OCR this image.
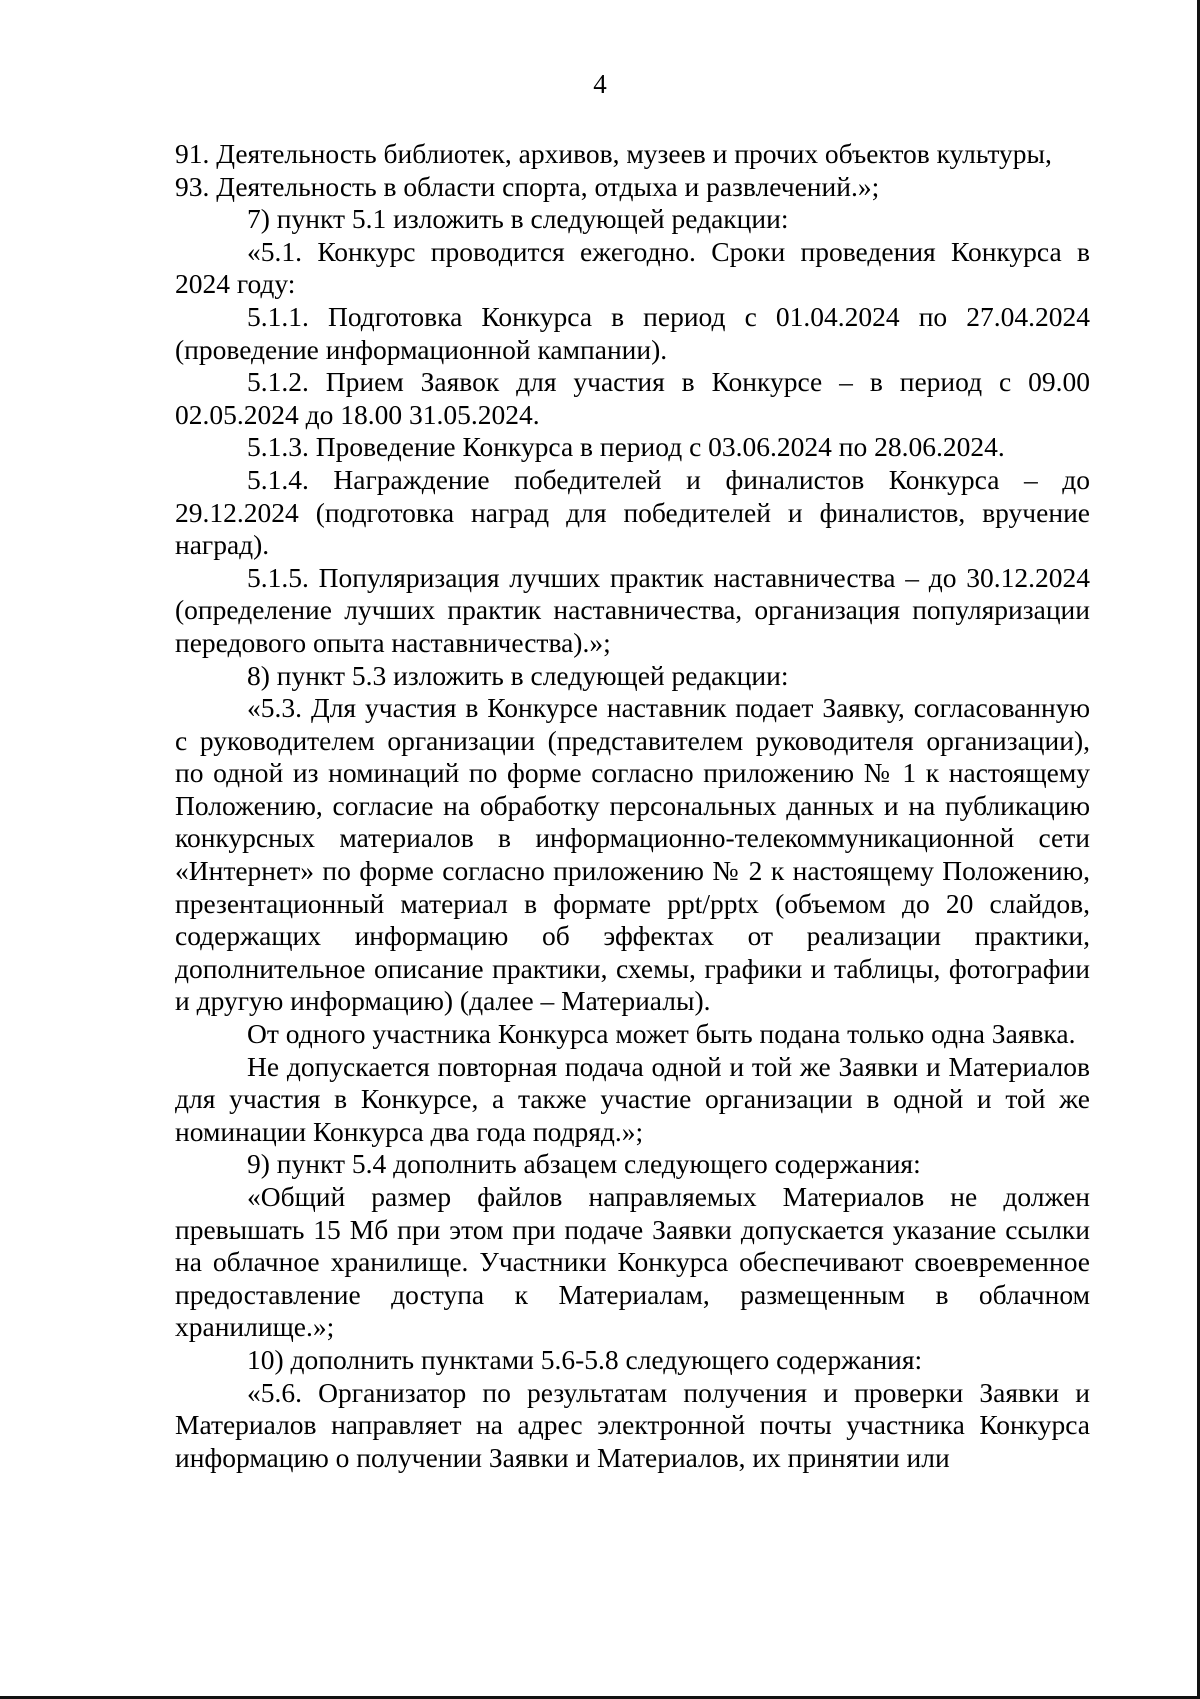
4

91. Деятельность библиотек, архивов, музеев и прочих объектов культуры,

93. Деятельность в области спорта, отдыха и развлечений.»;

7) пункт 5.1 изложить в следующей редакции:

«5.1. Конкурс проводится ежегодно. Сроки проведения Конкурса в 2024 году:

5.1.1. Подготовка Конкурса в период с 01.04.2024 по 27.04.2024 (проведение информационной кампании).

5.1.2. Прием Заявок для участия в Конкурсе – в период с 09.00 02.05.2024 до 18.00 31.05.2024.

5.1.3. Проведение Конкурса в период с 03.06.2024 по 28.06.2024.

5.1.4. Награждение победителей и финалистов Конкурса – до 29.12.2024 (подготовка наград для победителей и финалистов, вручение наград).

5.1.5. Популяризация лучших практик наставничества – до 30.12.2024 (определение лучших практик наставничества, организация популяризации передового опыта наставничества).»;

8) пункт 5.3 изложить в следующей редакции:

«5.3. Для участия в Конкурсе наставник подает Заявку, согласованную с руководителем организации (представителем руководителя организации), по одной из номинаций по форме согласно приложению № 1 к настоящему Положению, согласие на обработку персональных данных и на публикацию конкурсных материалов в информационно-телекоммуникационной сети «Интернет» по форме согласно приложению № 2 к настоящему Положению, презентационный материал в формате ppt/pptx (объемом до 20 слайдов, содержащих информацию об эффектах от реализации практики, дополнительное описание практики, схемы, графики и таблицы, фотографии и другую информацию) (далее – Материалы).

От одного участника Конкурса может быть подана только одна Заявка.

Не допускается повторная подача одной и той же Заявки и Материалов для участия в Конкурсе, а также участие организации в одной и той же номинации Конкурса два года подряд.»;

9) пункт 5.4 дополнить абзацем следующего содержания:

«Общий размер файлов направляемых Материалов не должен превышать 15 Мб при этом при подаче Заявки допускается указание ссылки на облачное хранилище. Участники Конкурса обеспечивают своевременное предоставление доступа к Материалам, размещенным в облачном хранилище.»;

10) дополнить пунктами 5.6-5.8 следующего содержания:

«5.6. Организатор по результатам получения и проверки Заявки и Материалов направляет на адрес электронной почты участника Конкурса информацию о получении Заявки и Материалов, их принятии или
